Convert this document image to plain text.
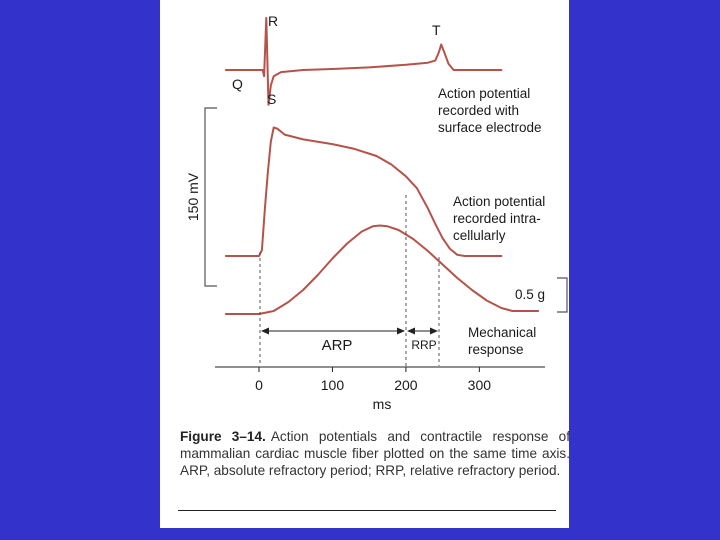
R
T
Q
S	Action potential recorded with surface electrode
Action potential recorded intra- cellularly
Mechanical response
150 mV
0.5 g
ARP	RRP
0	100	200	300
ms

Figure 3–14. Action potentials and contractile response of mammalian cardiac muscle fiber plotted on the same time axis. ARP, absolute refractory period; RRP, relative refractory period.
